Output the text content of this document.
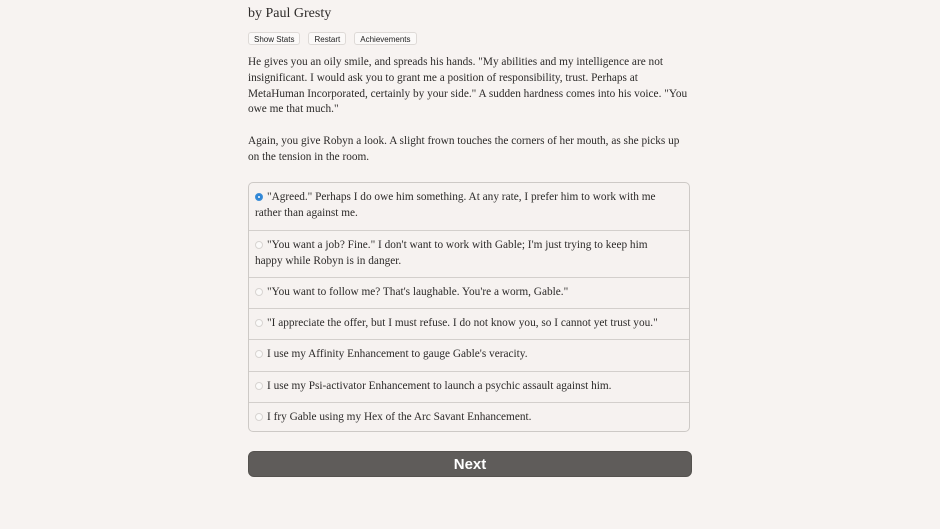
by Paul Gresty
Show Stats	Restart	Achievements

He gives you an oily smile, and spreads his hands. "My abilities and my intelligence are not insignificant. I would ask you to grant me a position of responsibility, trust. Perhaps at MetaHuman Incorporated, certainly by your side." A sudden hardness comes into his voice. "You owe me that much."

Again, you give Robyn a look. A slight frown touches the corners of her mouth, as she picks up on the tension in the room.

"Agreed." Perhaps I do owe him something. At any rate, I prefer him to work with me rather than against me.
"You want a job? Fine." I don't want to work with Gable; I'm just trying to keep him happy while Robyn is in danger.
"You want to follow me? That's laughable. You're a worm, Gable."
"I appreciate the offer, but I must refuse. I do not know you, so I cannot yet trust you."
I use my Affinity Enhancement to gauge Gable's veracity.
I use my Psi-activator Enhancement to launch a psychic assault against him.
I fry Gable using my Hex of the Arc Savant Enhancement.
Next
